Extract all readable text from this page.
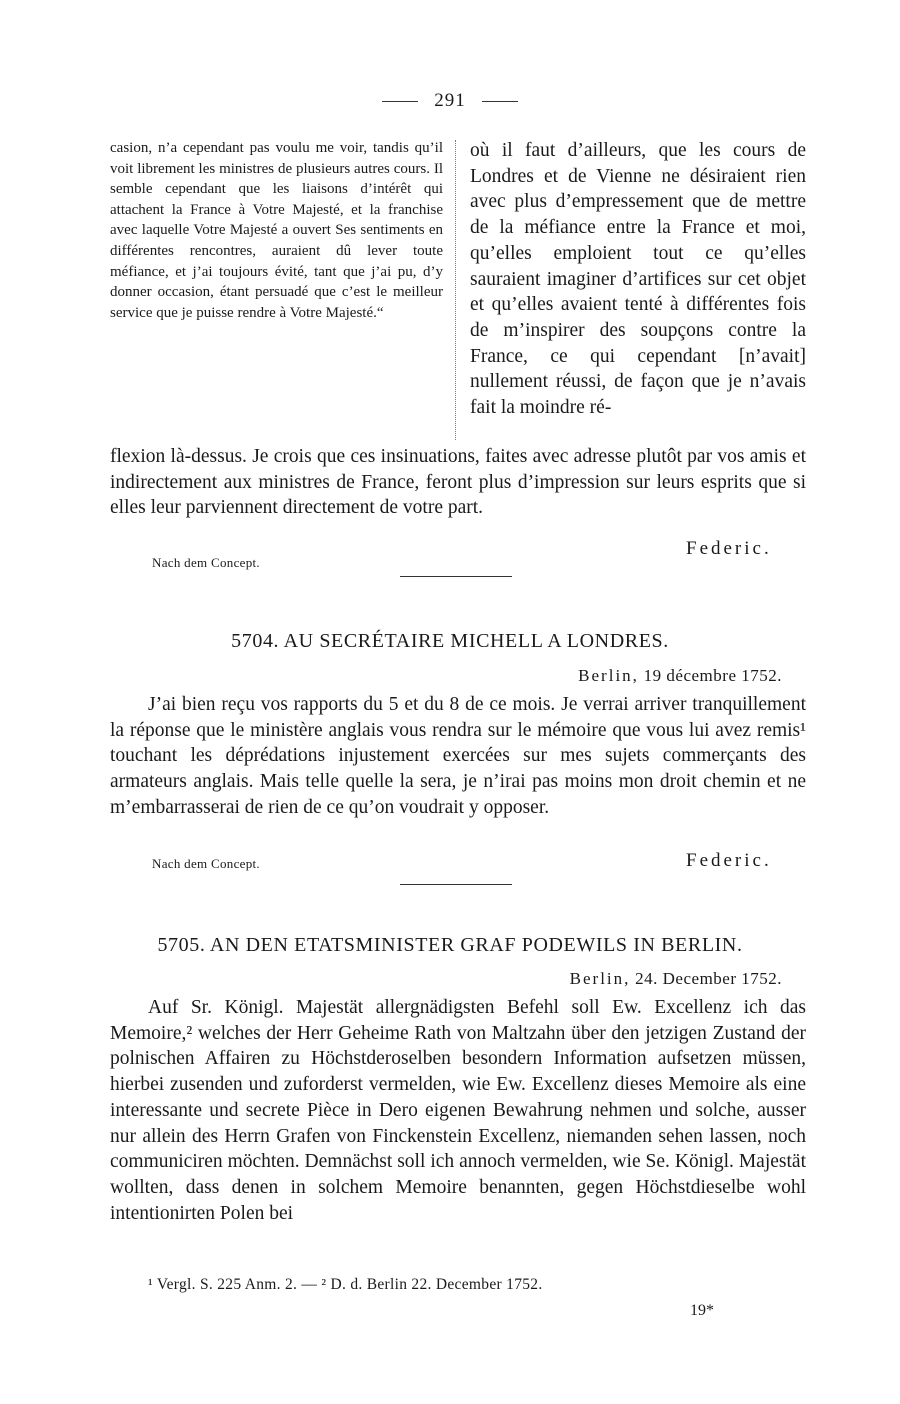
291

casion, n’a cependant pas voulu me voir, tandis qu’il voit librement les ministres de plusieurs autres cours. Il semble cependant que les liaisons d’intérêt qui attachent la France à Votre Majesté, et la franchise avec laquelle Votre Majesté a ouvert Ses sentiments en différentes rencontres, auraient dû lever toute méfiance, et j’ai toujours évité, tant que j’ai pu, d’y donner occasion, étant persuadé que c’est le meilleur service que je puisse rendre à Votre Majesté.“

où il faut d’ailleurs, que les cours de Londres et de Vienne ne désiraient rien avec plus d’empressement que de mettre de la méfiance entre la France et moi, qu’elles emploient tout ce qu’elles sauraient imaginer d’artifices sur cet objet et qu’elles avaient tenté à différentes fois de m’inspirer des soupçons contre la France, ce qui cependant [n’avait] nullement réussi, de façon que je n’avais fait la moindre ré-

flexion là-dessus. Je crois que ces insinuations, faites avec adresse plutôt par vos amis et indirectement aux ministres de France, feront plus d’impression sur leurs esprits que si elles leur parviennent directement de votre part.

Nach dem Concept.
Federic.
5704. AU SECRÉTAIRE MICHELL A LONDRES.
Berlin, 19 décembre 1752.

J’ai bien reçu vos rapports du 5 et du 8 de ce mois. Je verrai arriver tranquillement la réponse que le ministère anglais vous rendra sur le mémoire que vous lui avez remis¹ touchant les déprédations injustement exercées sur mes sujets commerçants des armateurs anglais. Mais telle quelle la sera, je n’irai pas moins mon droit chemin et ne m’embarrasserai de rien de ce qu’on voudrait y opposer.

Nach dem Concept.	Federic.
5705. AN DEN ETATSMINISTER GRAF PODEWILS IN BERLIN.
Berlin, 24. December 1752.

Auf Sr. Königl. Majestät allergnädigsten Befehl soll Ew. Excellenz ich das Memoire,² welches der Herr Geheime Rath von Maltzahn über den jetzigen Zustand der polnischen Affairen zu Höchstderoselben besondern Information aufsetzen müssen, hierbei zusenden und zuforderst vermelden, wie Ew. Excellenz dieses Memoire als eine interessante und secrete Pièce in Dero eigenen Bewahrung nehmen und solche, ausser nur allein des Herrn Grafen von Finckenstein Excellenz, niemanden sehen lassen, noch communiciren möchten. Demnächst soll ich annoch vermelden, wie Se. Königl. Majestät wollten, dass denen in solchem Memoire benannten, gegen Höchstdieselbe wohl intentionirten Polen bei

¹ Vergl. S. 225 Anm. 2. — ² D. d. Berlin 22. December 1752.
19*
